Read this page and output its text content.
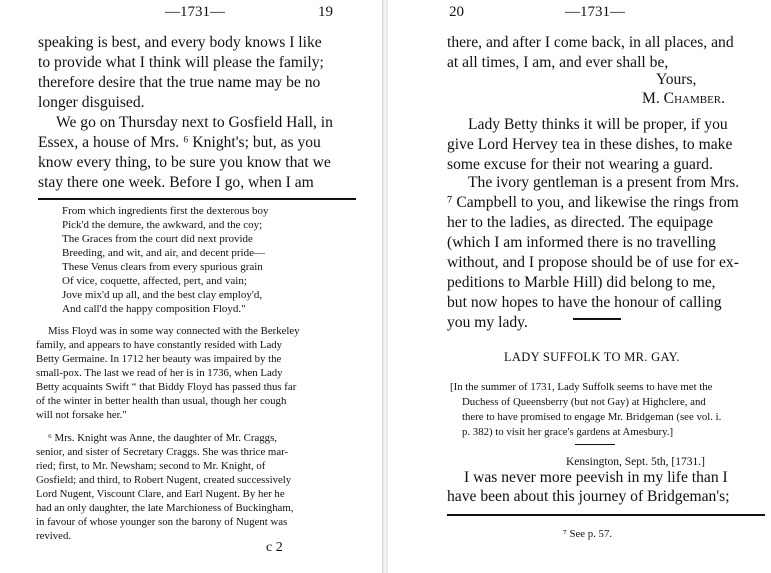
—1731—	19
speaking is best, and every body knows I like
to provide what I think will please the family;
therefore desire that the true name may be no
longer disguised.
We go on Thursday next to Gosfield Hall, in
Essex, a house of Mrs. ⁶ Knight's; but, as you
know every thing, to be sure you know that we
stay there one week. Before I go, when I am
From which ingredients first the dexterous boy
Pick'd the demure, the awkward, and the coy;
The Graces from the court did next provide
Breeding, and wit, and air, and decent pride—
These Venus clears from every spurious grain
Of vice, coquette, affected, pert, and vain;
Jove mix'd up all, and the best clay employ'd,
And call'd the happy composition Floyd."
Miss Floyd was in some way connected with the Berkeley
family, and appears to have constantly resided with Lady
Betty Germaine. In 1712 her beauty was impaired by the
small-pox. The last we read of her is in 1736, when Lady
Betty acquaints Swift “ that Biddy Floyd has passed thus far
of the winter in better health than usual, though her cough
will not forsake her."
⁶ Mrs. Knight was Anne, the daughter of Mr. Craggs,
senior, and sister of Secretary Craggs. She was thrice mar-
ried; first, to Mr. Newsham; second to Mr. Knight, of
Gosfield; and third, to Robert Nugent, created successively
Lord Nugent, Viscount Clare, and Earl Nugent. By her he
had an only daughter, the late Marchioness of Buckingham,
in favour of whose younger son the barony of Nugent was
revived.
c 2
20	—1731—
there, and after I come back, in all places, and
at all times, I am, and ever shall be,
Yours,
M. Chamber.
Lady Betty thinks it will be proper, if you
give Lord Hervey tea in these dishes, to make
some excuse for their not wearing a guard.
The ivory gentleman is a present from Mrs.
⁷ Campbell to you, and likewise the rings from
her to the ladies, as directed. The equipage
(which I am informed there is no travelling
without, and I propose should be of use for ex-
peditions to Marble Hill) did belong to me,
but now hopes to have the honour of calling
you my lady.
LADY SUFFOLK TO MR. GAY.
[In the summer of 1731, Lady Suffolk seems to have met the
Duchess of Queensberry (but not Gay) at Highclere, and
there to have promised to engage Mr. Bridgeman (see vol. i.
p. 382) to visit her grace's gardens at Amesbury.]
Kensington, Sept. 5th, [1731.]
I was never more peevish in my life than I
have been about this journey of Bridgeman's;
⁷ See p. 57.
